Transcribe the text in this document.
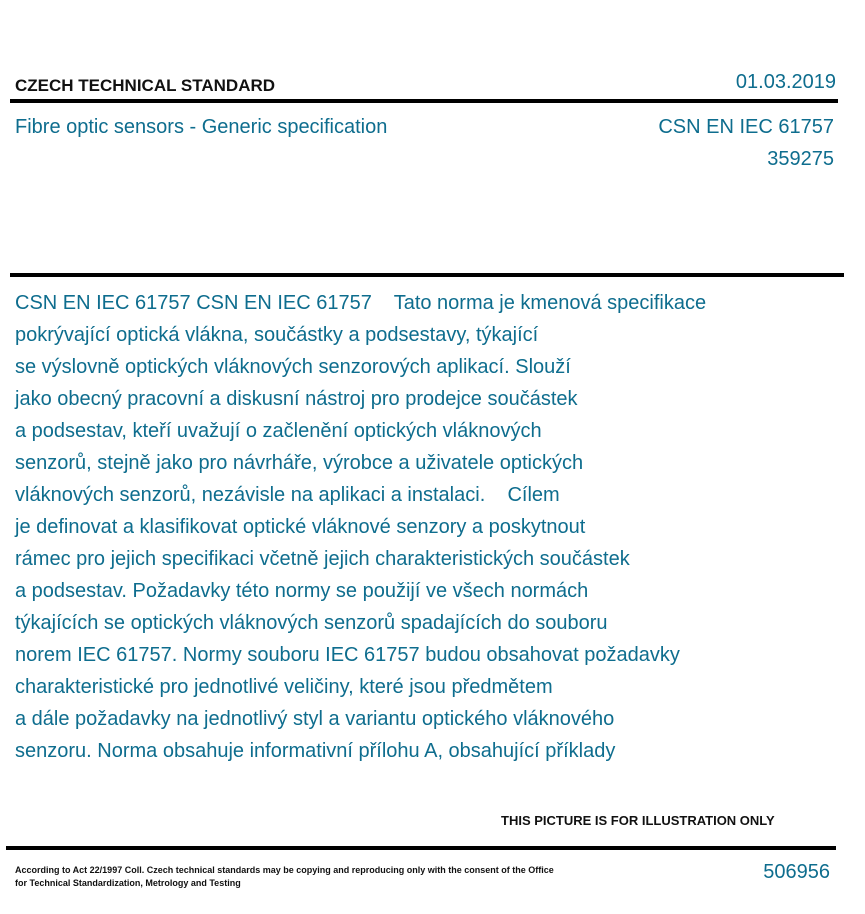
CZECH TECHNICAL STANDARD	01.03.2019
Fibre optic sensors - Generic specification	CSN EN IEC 61757
359275
CSN EN IEC 61757 CSN EN IEC 61757    Tato norma je kmenová specifikace
pokrývající optická vlákna, součástky a podsestavy, týkající
se výslovně optických vláknových senzorových aplikací. Slouží
jako obecný pracovní a diskusní nástroj pro prodejce součástek
a podsestav, kteří uvažují o začlenění optických vláknových
senzorů, stejně jako pro návrháře, výrobce a uživatele optických
vláknových senzorů, nezávisle na aplikaci a instalaci.    Cílem
je definovat a klasifikovat optické vláknové senzory a poskytnout
rámec pro jejich specifikaci včetně jejich charakteristických součástek
a podsestav. Požadavky této normy se použijí ve všech normách
týkajících se optických vláknových senzorů spadajících do souboru
norem IEC 61757. Normy souboru IEC 61757 budou obsahovat požadavky
charakteristické pro jednotlivé veličiny, které jsou předmětem
a dále požadavky na jednotlivý styl a variantu optického vláknového
senzoru. Norma obsahuje informativní přílohu A, obsahující příklady
THIS PICTURE IS FOR ILLUSTRATION ONLY
According to Act 22/1997 Coll. Czech technical standards may be copying and reproducing only with the consent of the Office
for Technical Standardization, Metrology and Testing	506956
